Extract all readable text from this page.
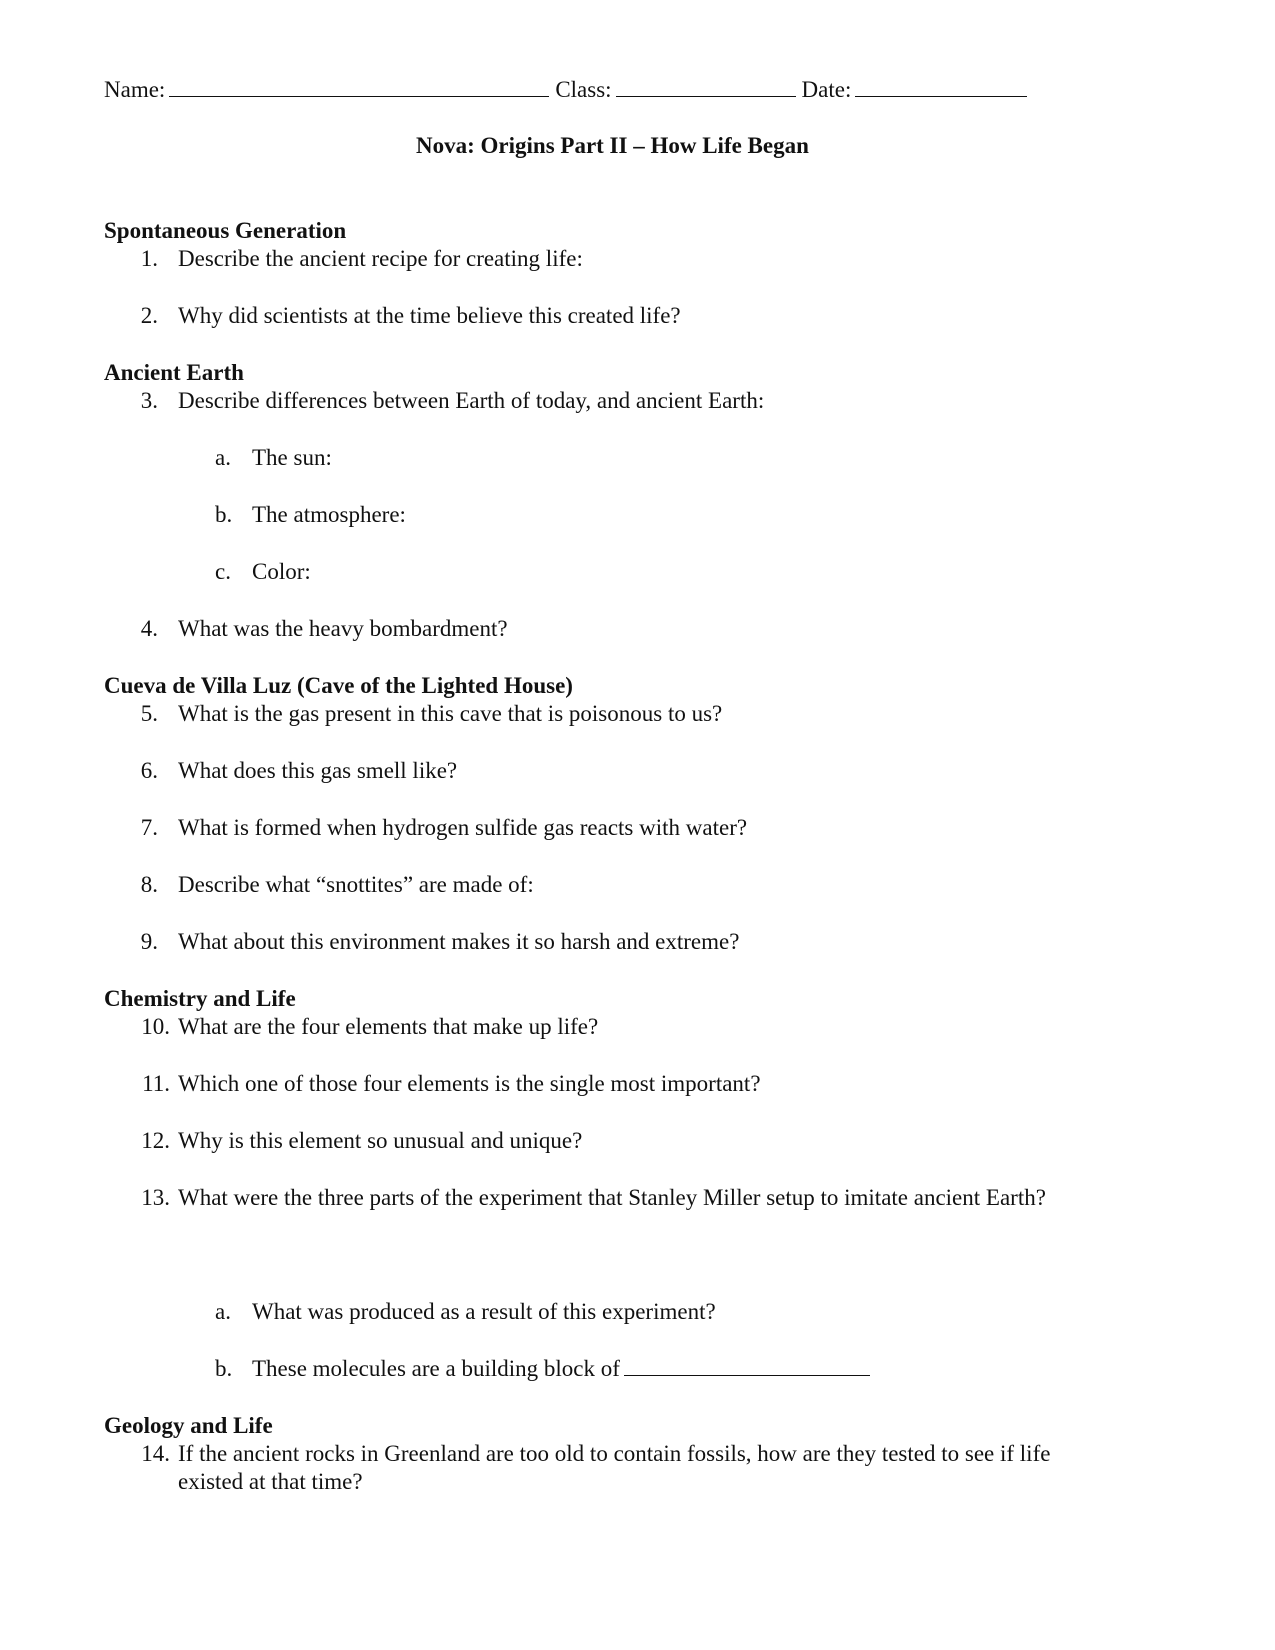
Name:	Class:	Date:
Nova: Origins Part II – How Life Began
Spontaneous Generation
1. Describe the ancient recipe for creating life:
2. Why did scientists at the time believe this created life?
Ancient Earth
3. Describe differences between Earth of today, and ancient Earth:
a. The sun:
b. The atmosphere:
c. Color:
4. What was the heavy bombardment?
Cueva de Villa Luz (Cave of the Lighted House)
5. What is the gas present in this cave that is poisonous to us?
6. What does this gas smell like?
7. What is formed when hydrogen sulfide gas reacts with water?
8. Describe what “snottites” are made of:
9. What about this environment makes it so harsh and extreme?
Chemistry and Life
10. What are the four elements that make up life?
11. Which one of those four elements is the single most important?
12. Why is this element so unusual and unique?
13. What were the three parts of the experiment that Stanley Miller setup to imitate ancient Earth?
a. What was produced as a result of this experiment?
b. These molecules are a building block of
Geology and Life
14. If the ancient rocks in Greenland are too old to contain fossils, how are they tested to see if life
existed at that time?
